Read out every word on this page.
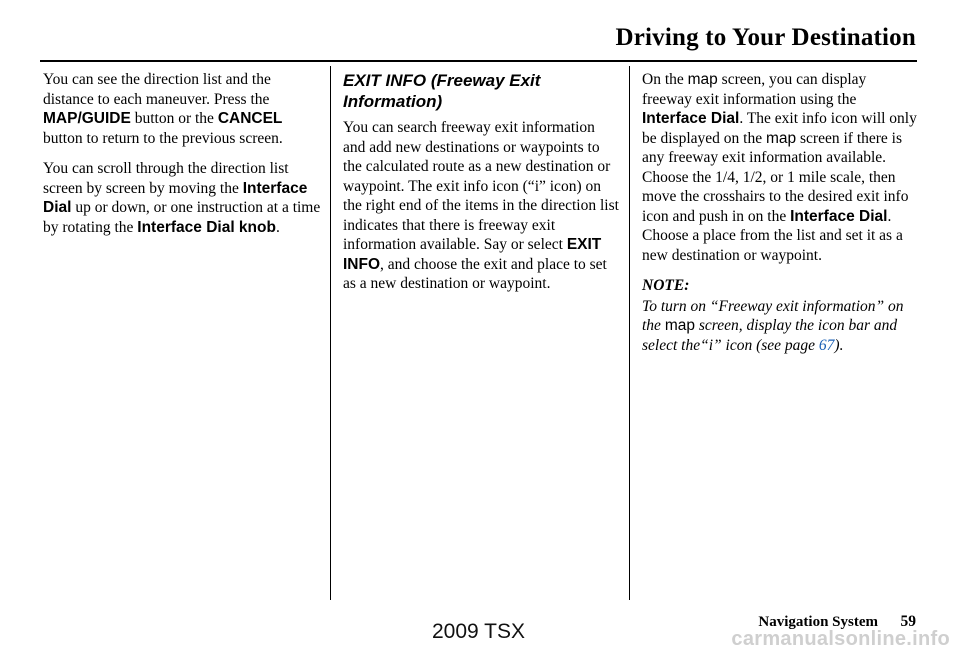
Driving to Your Destination

You can see the direction list and the distance to each maneuver. Press the MAP/GUIDE button or the CANCEL button to return to the previous screen.

You can scroll through the direction list screen by screen by moving the Interface Dial up or down, or one instruction at a time by rotating the Interface Dial knob.

EXIT INFO (Freeway Exit Information)

You can search freeway exit information and add new destinations or waypoints to the calculated route as a new destination or waypoint. The exit info icon (“i” icon) on the right end of the items in the direction list indicates that there is freeway exit information available. Say or select EXIT INFO, and choose the exit and place to set as a new destination or waypoint.

On the map screen, you can display freeway exit information using the Interface Dial. The exit info icon will only be displayed on the map screen if there is any freeway exit information available. Choose the 1/4, 1/2, or 1 mile scale, then move the crosshairs to the desired exit info icon and push in on the Interface Dial. Choose a place from the list and set it as a new destination or waypoint.

NOTE:
To turn on “Freeway exit information” on the map screen, display the icon bar and select the“i” icon (see page 67).
Navigation System 59
2009 TSX	carmanualsonline.info
